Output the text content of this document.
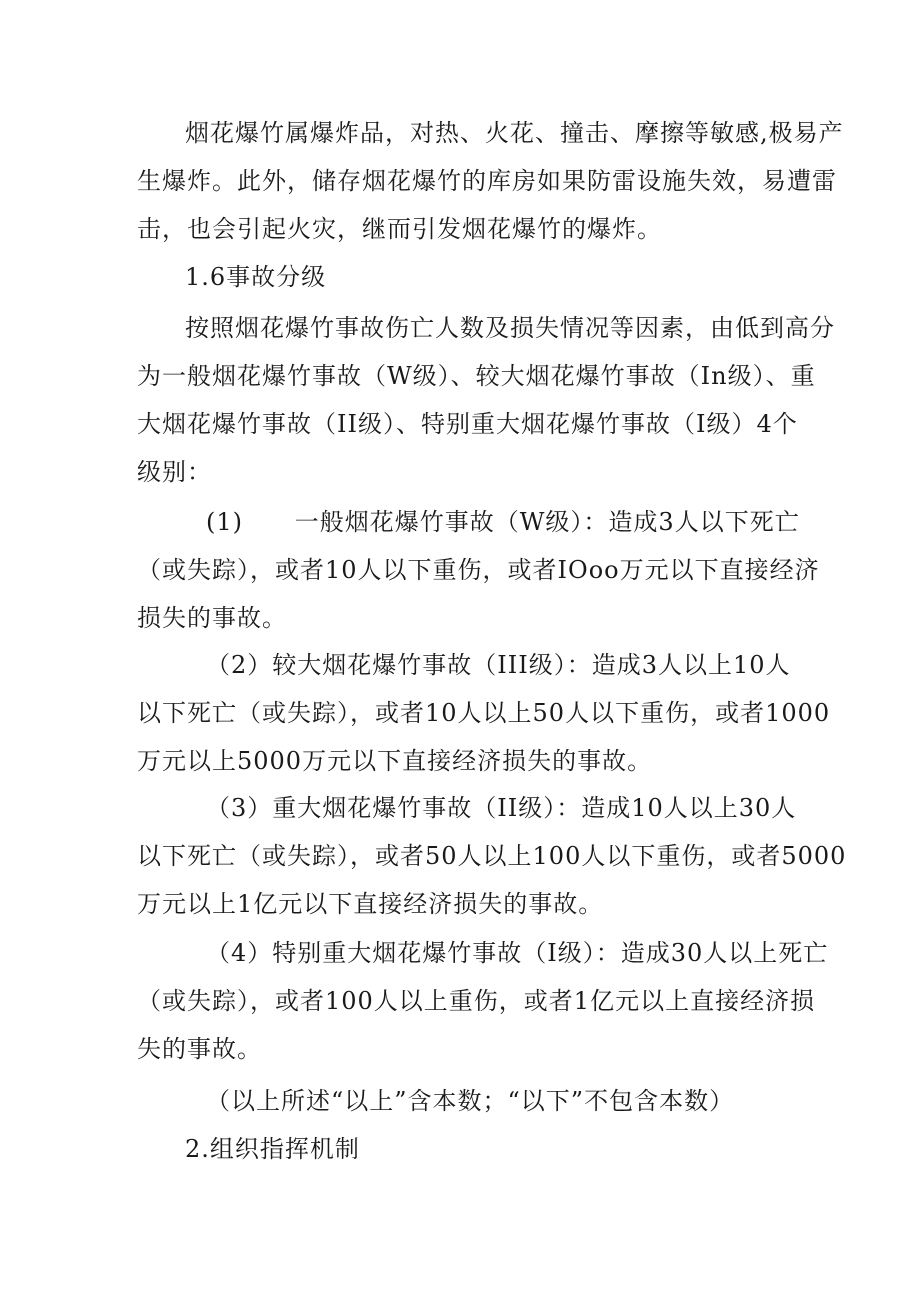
烟花爆竹属爆炸品，对热、火花、撞击、摩擦等敏感,极易产
生爆炸。此外，储存烟花爆竹的库房如果防雷设施失效，易遭雷
击，也会引起火灾，继而引发烟花爆竹的爆炸。
1.6事故分级
按照烟花爆竹事故伤亡人数及损失情况等因素，由低到高分
为一般烟花爆竹事故（W级）、较大烟花爆竹事故（In级）、重
大烟花爆竹事故（II级）、特别重大烟花爆竹事故（I级）4个
级别：
(1)      一般烟花爆竹事故（W级）：造成3人以下死亡
（或失踪），或者10人以下重伤，或者IOoo万元以下直接经济
损失的事故。
（2）较大烟花爆竹事故（III级）：造成3人以上10人
以下死亡（或失踪），或者10人以上50人以下重伤，或者1000
万元以上5000万元以下直接经济损失的事故。
（3）重大烟花爆竹事故（II级）：造成10人以上30人
以下死亡（或失踪），或者50人以上100人以下重伤，或者5000
万元以上1亿元以下直接经济损失的事故。
（4）特别重大烟花爆竹事故（I级）：造成30人以上死亡
（或失踪），或者100人以上重伤，或者1亿元以上直接经济损
失的事故。
（以上所述“以上”含本数；“以下”不包含本数）
2.组织指挥机制
